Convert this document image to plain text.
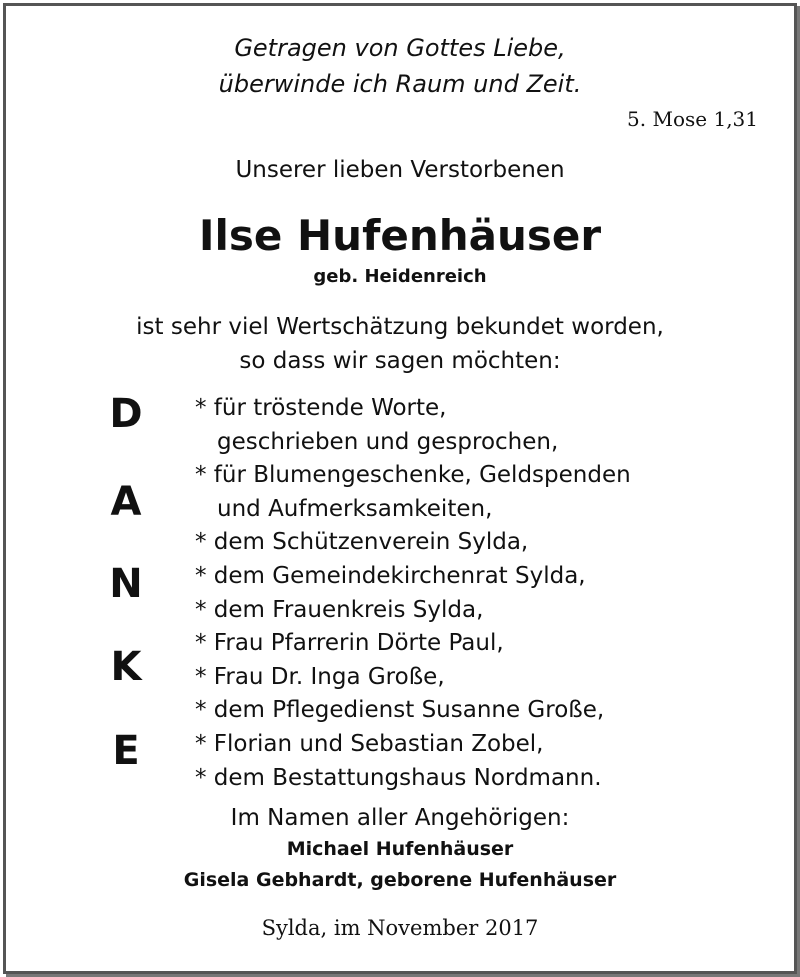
Getragen von Gottes Liebe,
überwinde ich Raum und Zeit.
5. Mose 1,31
Unserer lieben Verstorbenen
Ilse Hufenhäuser
geb. Heidenreich
ist sehr viel Wertschätzung bekundet worden,
so dass wir sagen möchten:
D
A
N
K
E
* für tröstende Worte,
geschrieben und gesprochen,
* für Blumengeschenke, Geldspenden
und Aufmerksamkeiten,
* dem Schützenverein Sylda,
* dem Gemeindekirchenrat Sylda,
* dem Frauenkreis Sylda,
* Frau Pfarrerin Dörte Paul,
* Frau Dr. Inga Große,
* dem Pflegedienst Susanne Große,
* Florian und Sebastian Zobel,
* dem Bestattungshaus Nordmann.
Im Namen aller Angehörigen:
Michael Hufenhäuser
Gisela Gebhardt, geborene Hufenhäuser
Sylda, im November 2017
